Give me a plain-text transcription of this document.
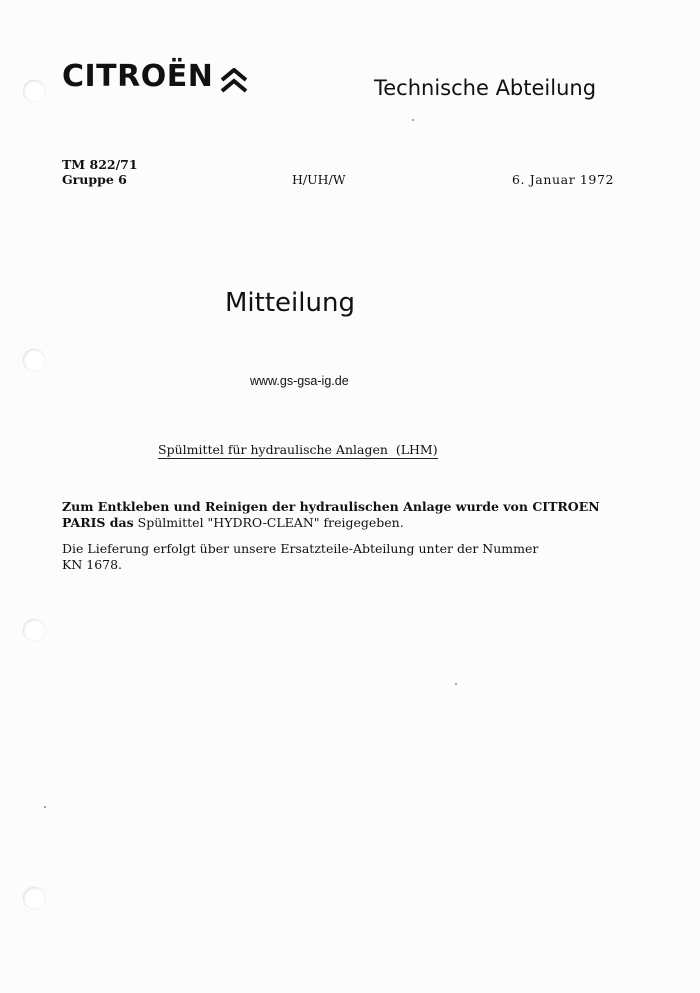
CITROËN	Technische Abteilung
TM 822/71
Gruppe 6	H/UH/W	6. Januar 1972
Mitteilung
www.gs-gsa-ig.de
Spülmittel für hydraulische Anlagen  (LHM)
Zum Entkleben und Reinigen der hydraulischen Anlage wurde von CITROEN
PARIS das Spülmittel "HYDRO-CLEAN" freigegeben.
Die Lieferung erfolgt über unsere Ersatzteile-Abteilung unter der Nummer
KN 1678.
